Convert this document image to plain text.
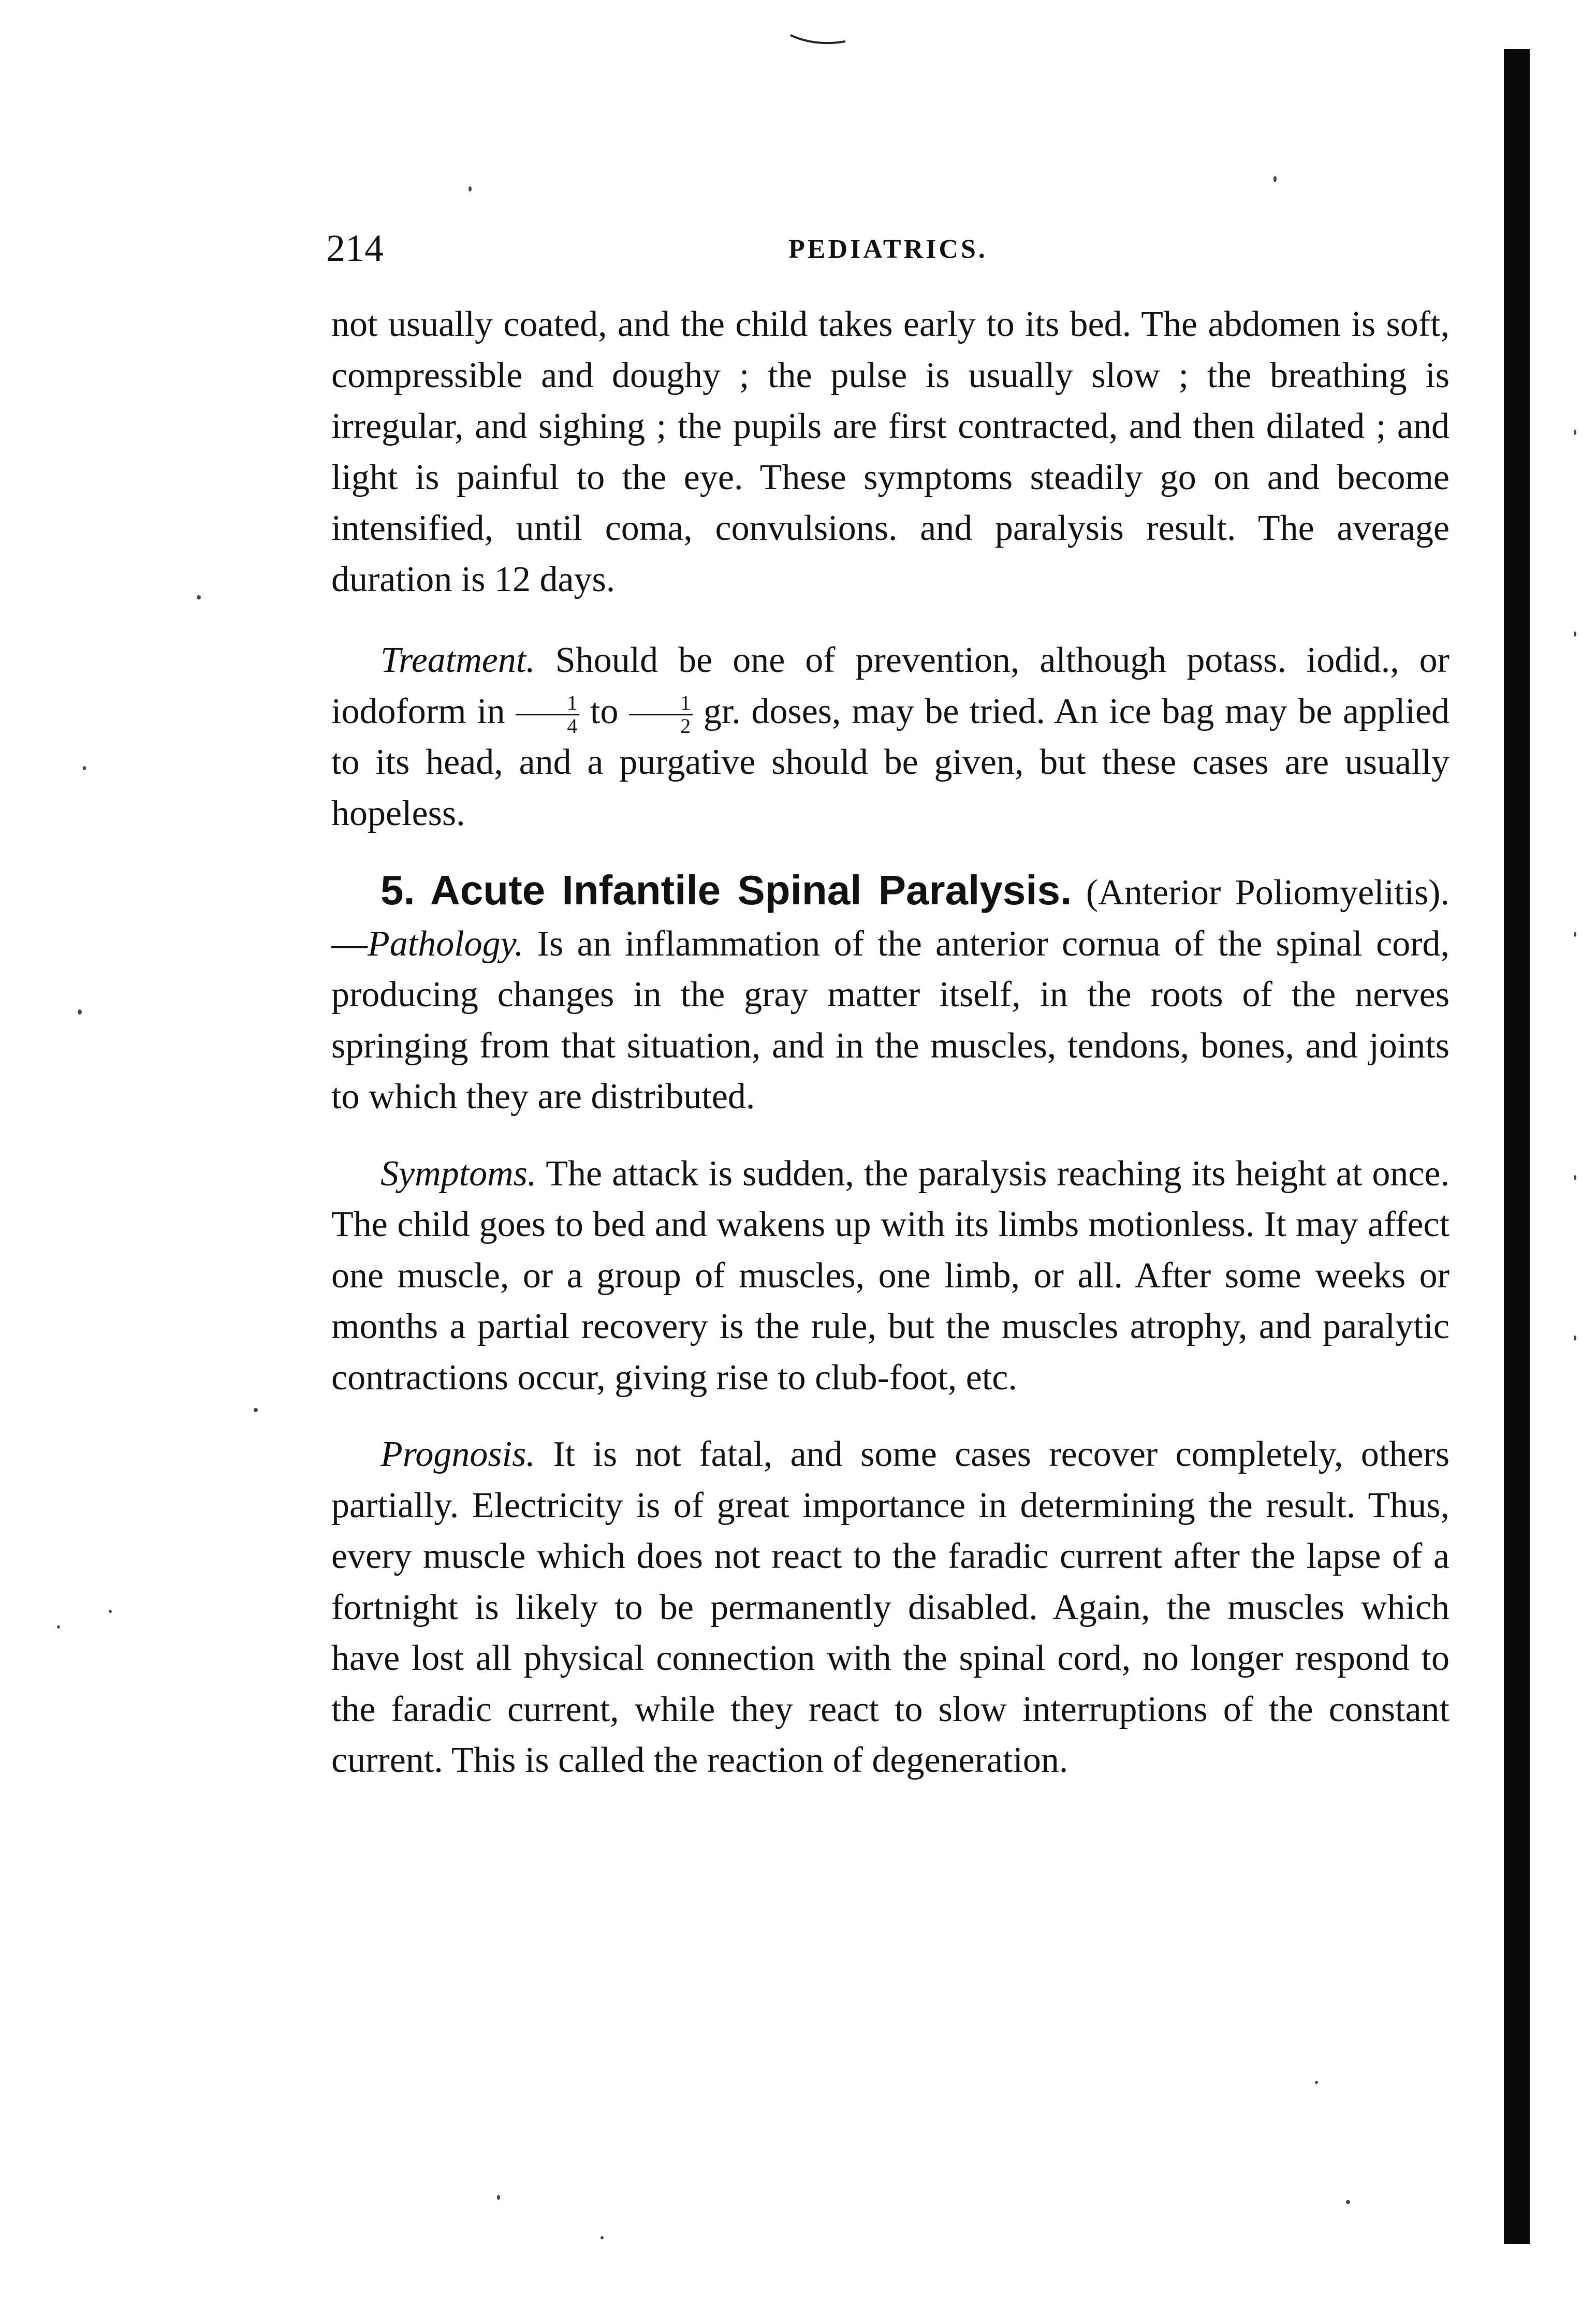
214	PEDIATRICS.

not usually coated, and the child takes early to its bed. The abdomen is soft, compressible and doughy ; the pulse is usually slow ; the breathing is irregular, and sighing ; the pupils are first contracted, and then dilated ; and light is painful to the eye. These symptoms steadily go on and become intensified, until coma, convulsions. and paralysis result. The average duration is 12 days.

Treatment. Should be one of prevention, although potass. iodid., or iodoform in $\frac{1}{4}$ to $\frac{1}{2}$ gr. doses, may be tried. An ice bag may be applied to its head, and a purgative should be given, but these cases are usually hopeless.

5. Acute Infantile Spinal Paralysis. (Anterior Poliomyelitis).—Pathology. Is an inflammation of the anterior cornua of the spinal cord, producing changes in the gray matter itself, in the roots of the nerves springing from that situation, and in the muscles, tendons, bones, and joints to which they are distributed.

Symptoms. The attack is sudden, the paralysis reaching its height at once. The child goes to bed and wakens up with its limbs motionless. It may affect one muscle, or a group of muscles, one limb, or all. After some weeks or months a partial recovery is the rule, but the muscles atrophy, and paralytic contractions occur, giving rise to club-foot, etc.

Prognosis. It is not fatal, and some cases recover completely, others partially. Electricity is of great importance in determining the result. Thus, every muscle which does not react to the faradic current after the lapse of a fortnight is likely to be permanently disabled. Again, the muscles which have lost all physical connection with the spinal cord, no longer respond to the faradic current, while they react to slow interruptions of the constant current. This is called the reaction of degeneration.
